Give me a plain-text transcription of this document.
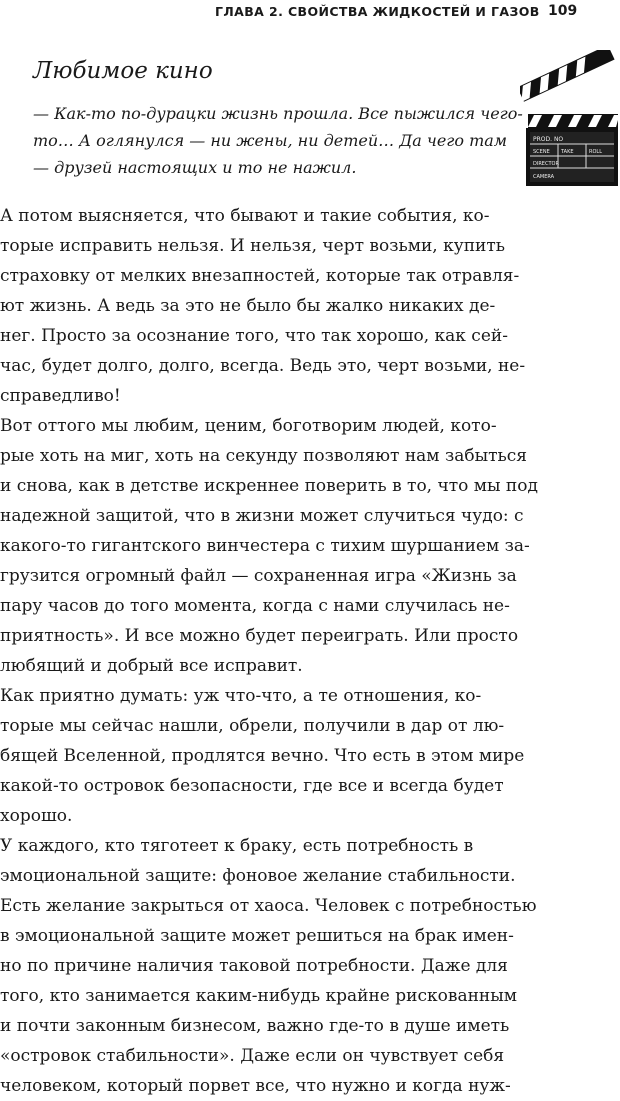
ГЛАВА 2. СВОЙСТВА ЖИДКОСТЕЙ И ГАЗОВ 109
Любимое кино
— Как-то по-дурацки жизнь прошла. Все пыжился чего-
то… А оглянулся — ни жены, ни детей… Да чего там
— друзей настоящих и то не нажил.
PROD. NO
SCENE TAKE	ROLL
DIRECTOR
CAMERA
А потом выясняется, что бывают и такие события, ко-
торые исправить нельзя. И нельзя, черт возьми, купить
страховку от мелких внезапностей, которые так отравля-
ют жизнь. А ведь за это не было бы жалко никаких де-
нег. Просто за осознание того, что так хорошо, как сей-
час, будет долго, долго, всегда. Ведь это, черт возьми, не-
справедливо!
Вот оттого мы любим, ценим, боготворим людей, кото-
рые хоть на миг, хоть на секунду позволяют нам забыться
и снова, как в детстве искреннее поверить в то, что мы под
надежной защитой, что в жизни может случиться чудо: с
какого-то гигантского винчестера с тихим шуршанием за-
грузится огромный файл — сохраненная игра «Жизнь за
пару часов до того момента, когда с нами случилась не-
приятность». И все можно будет переиграть. Или просто
любящий и добрый все исправит.
Как приятно думать: уж что-что, а те отношения, ко-
торые мы сейчас нашли, обрели, получили в дар от лю-
бящей Вселенной, продлятся вечно. Что есть в этом мире
какой-то островок безопасности, где все и всегда будет
хорошо.
У каждого, кто тяготеет к браку, есть потребность в
эмоциональной защите: фоновое желание стабильности.
Есть желание закрыться от хаоса. Человек с потребностью
в эмоциональной защите может решиться на брак имен-
но по причине наличия таковой потребности. Даже для
того, кто занимается каким-нибудь крайне рискованным
и почти законным бизнесом, важно где-то в душе иметь
«островок стабильности». Даже если он чувствует себя
человеком, который порвет все, что нужно и когда нуж-
